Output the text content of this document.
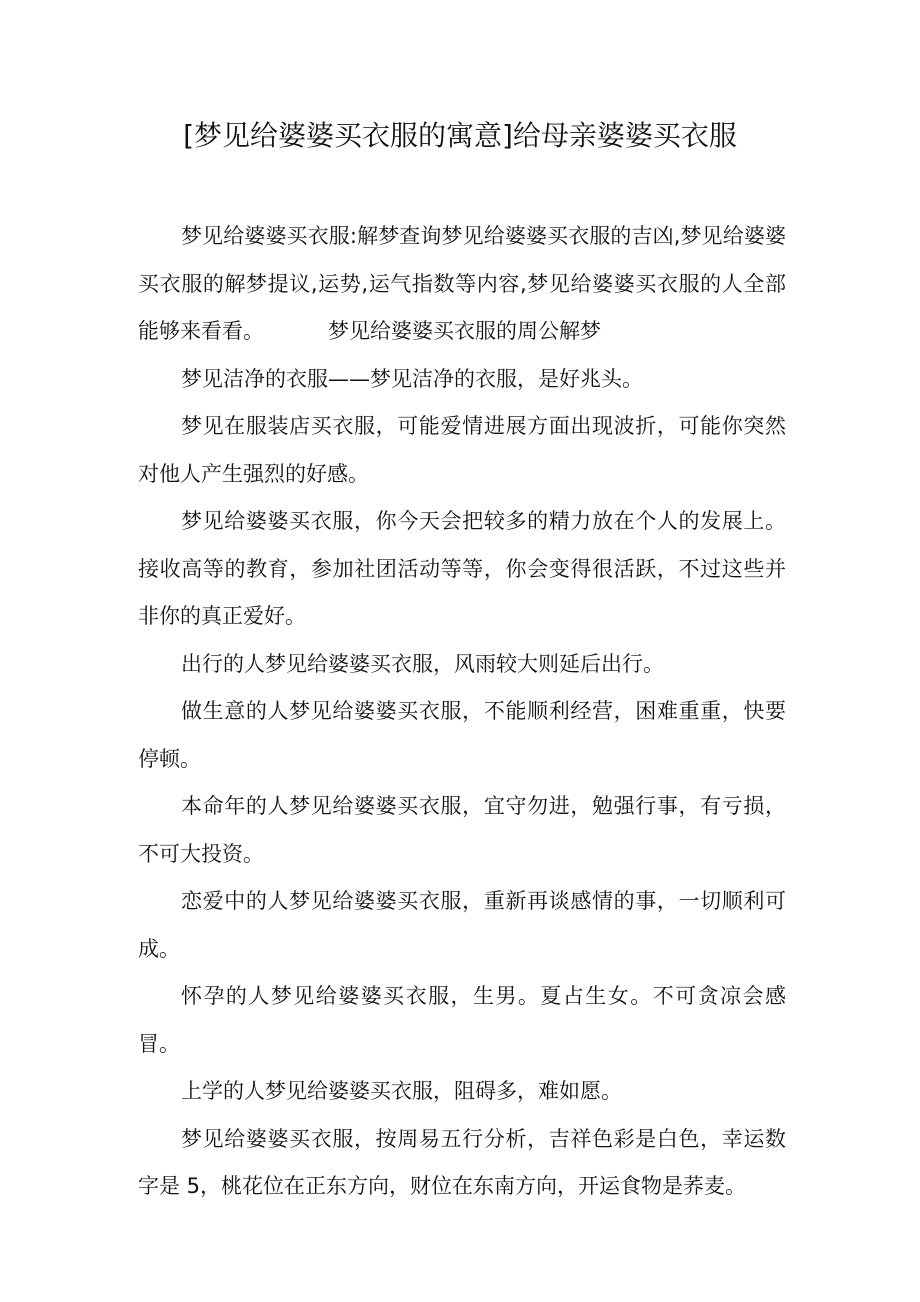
[梦见给婆婆买衣服的寓意]给母亲婆婆买衣服

梦见给婆婆买衣服:解梦查询梦见给婆婆买衣服的吉凶,梦见给婆婆买衣服的解梦提议,运势,运气指数等内容,梦见给婆婆买衣服的人全部能够来看看。	梦见给婆婆买衣服的周公解梦

梦见洁净的衣服——梦见洁净的衣服，是好兆头。

梦见在服装店买衣服，可能爱情进展方面出现波折，可能你突然对他人产生强烈的好感。

梦见给婆婆买衣服，你今天会把较多的精力放在个人的发展上。接收高等的教育，参加社团活动等等，你会变得很活跃，不过这些并非你的真正爱好。

出行的人梦见给婆婆买衣服，风雨较大则延后出行。

做生意的人梦见给婆婆买衣服，不能顺利经营，困难重重，快要停顿。

本命年的人梦见给婆婆买衣服，宜守勿进，勉强行事，有亏损，不可大投资。

恋爱中的人梦见给婆婆买衣服，重新再谈感情的事，一切顺利可成。

怀孕的人梦见给婆婆买衣服，生男。夏占生女。不可贪凉会感冒。

上学的人梦见给婆婆买衣服，阻碍多，难如愿。

梦见给婆婆买衣服，按周易五行分析，吉祥色彩是白色，幸运数字是 5，桃花位在正东方向，财位在东南方向，开运食物是荞麦。
